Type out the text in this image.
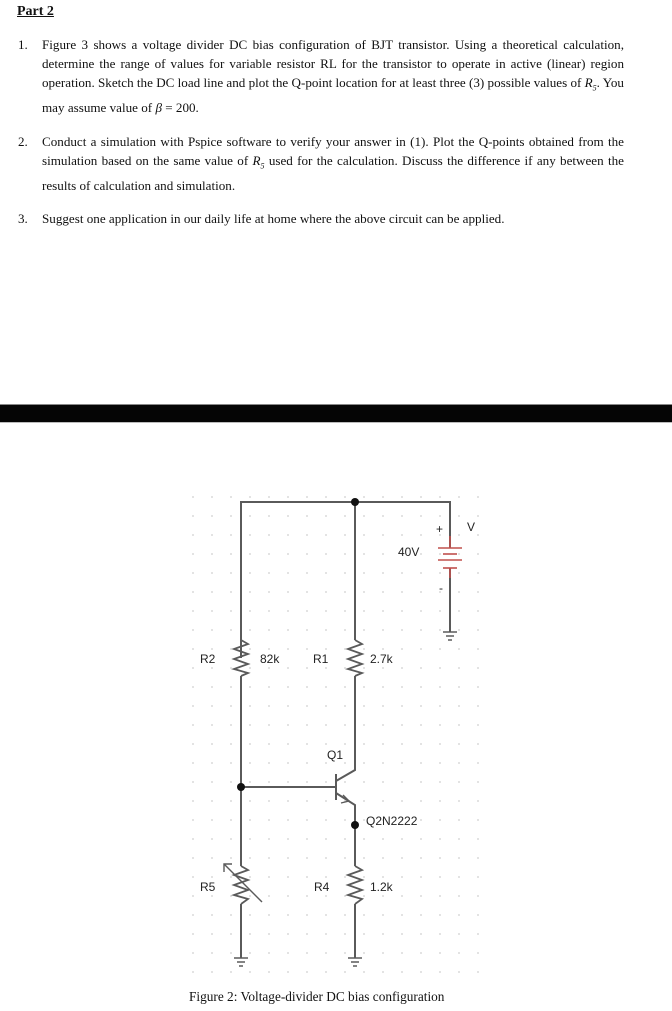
Part 2
1. Figure 3 shows a voltage divider DC bias configuration of BJT transistor. Using a theoretical calculation, determine the range of values for variable resistor RL for the transistor to operate in active (linear) region operation. Sketch the DC load line and plot the Q-point location for at least three (3) possible values of $R_5$. You may assume value of β = 200.
2. Conduct a simulation with Pspice software to verify your answer in (1). Plot the Q-points obtained from the simulation based on the same value of $R_5$ used for the calculation. Discuss the difference if any between the results of calculation and simulation.
3. Suggest one application in our daily life at home where the above circuit can be applied.
+
-
V
40V
R2	82k	R1	2.7k
Q1
Q2N2222
R5	R4	1.2k
Figure 2: Voltage-divider DC bias configuration
